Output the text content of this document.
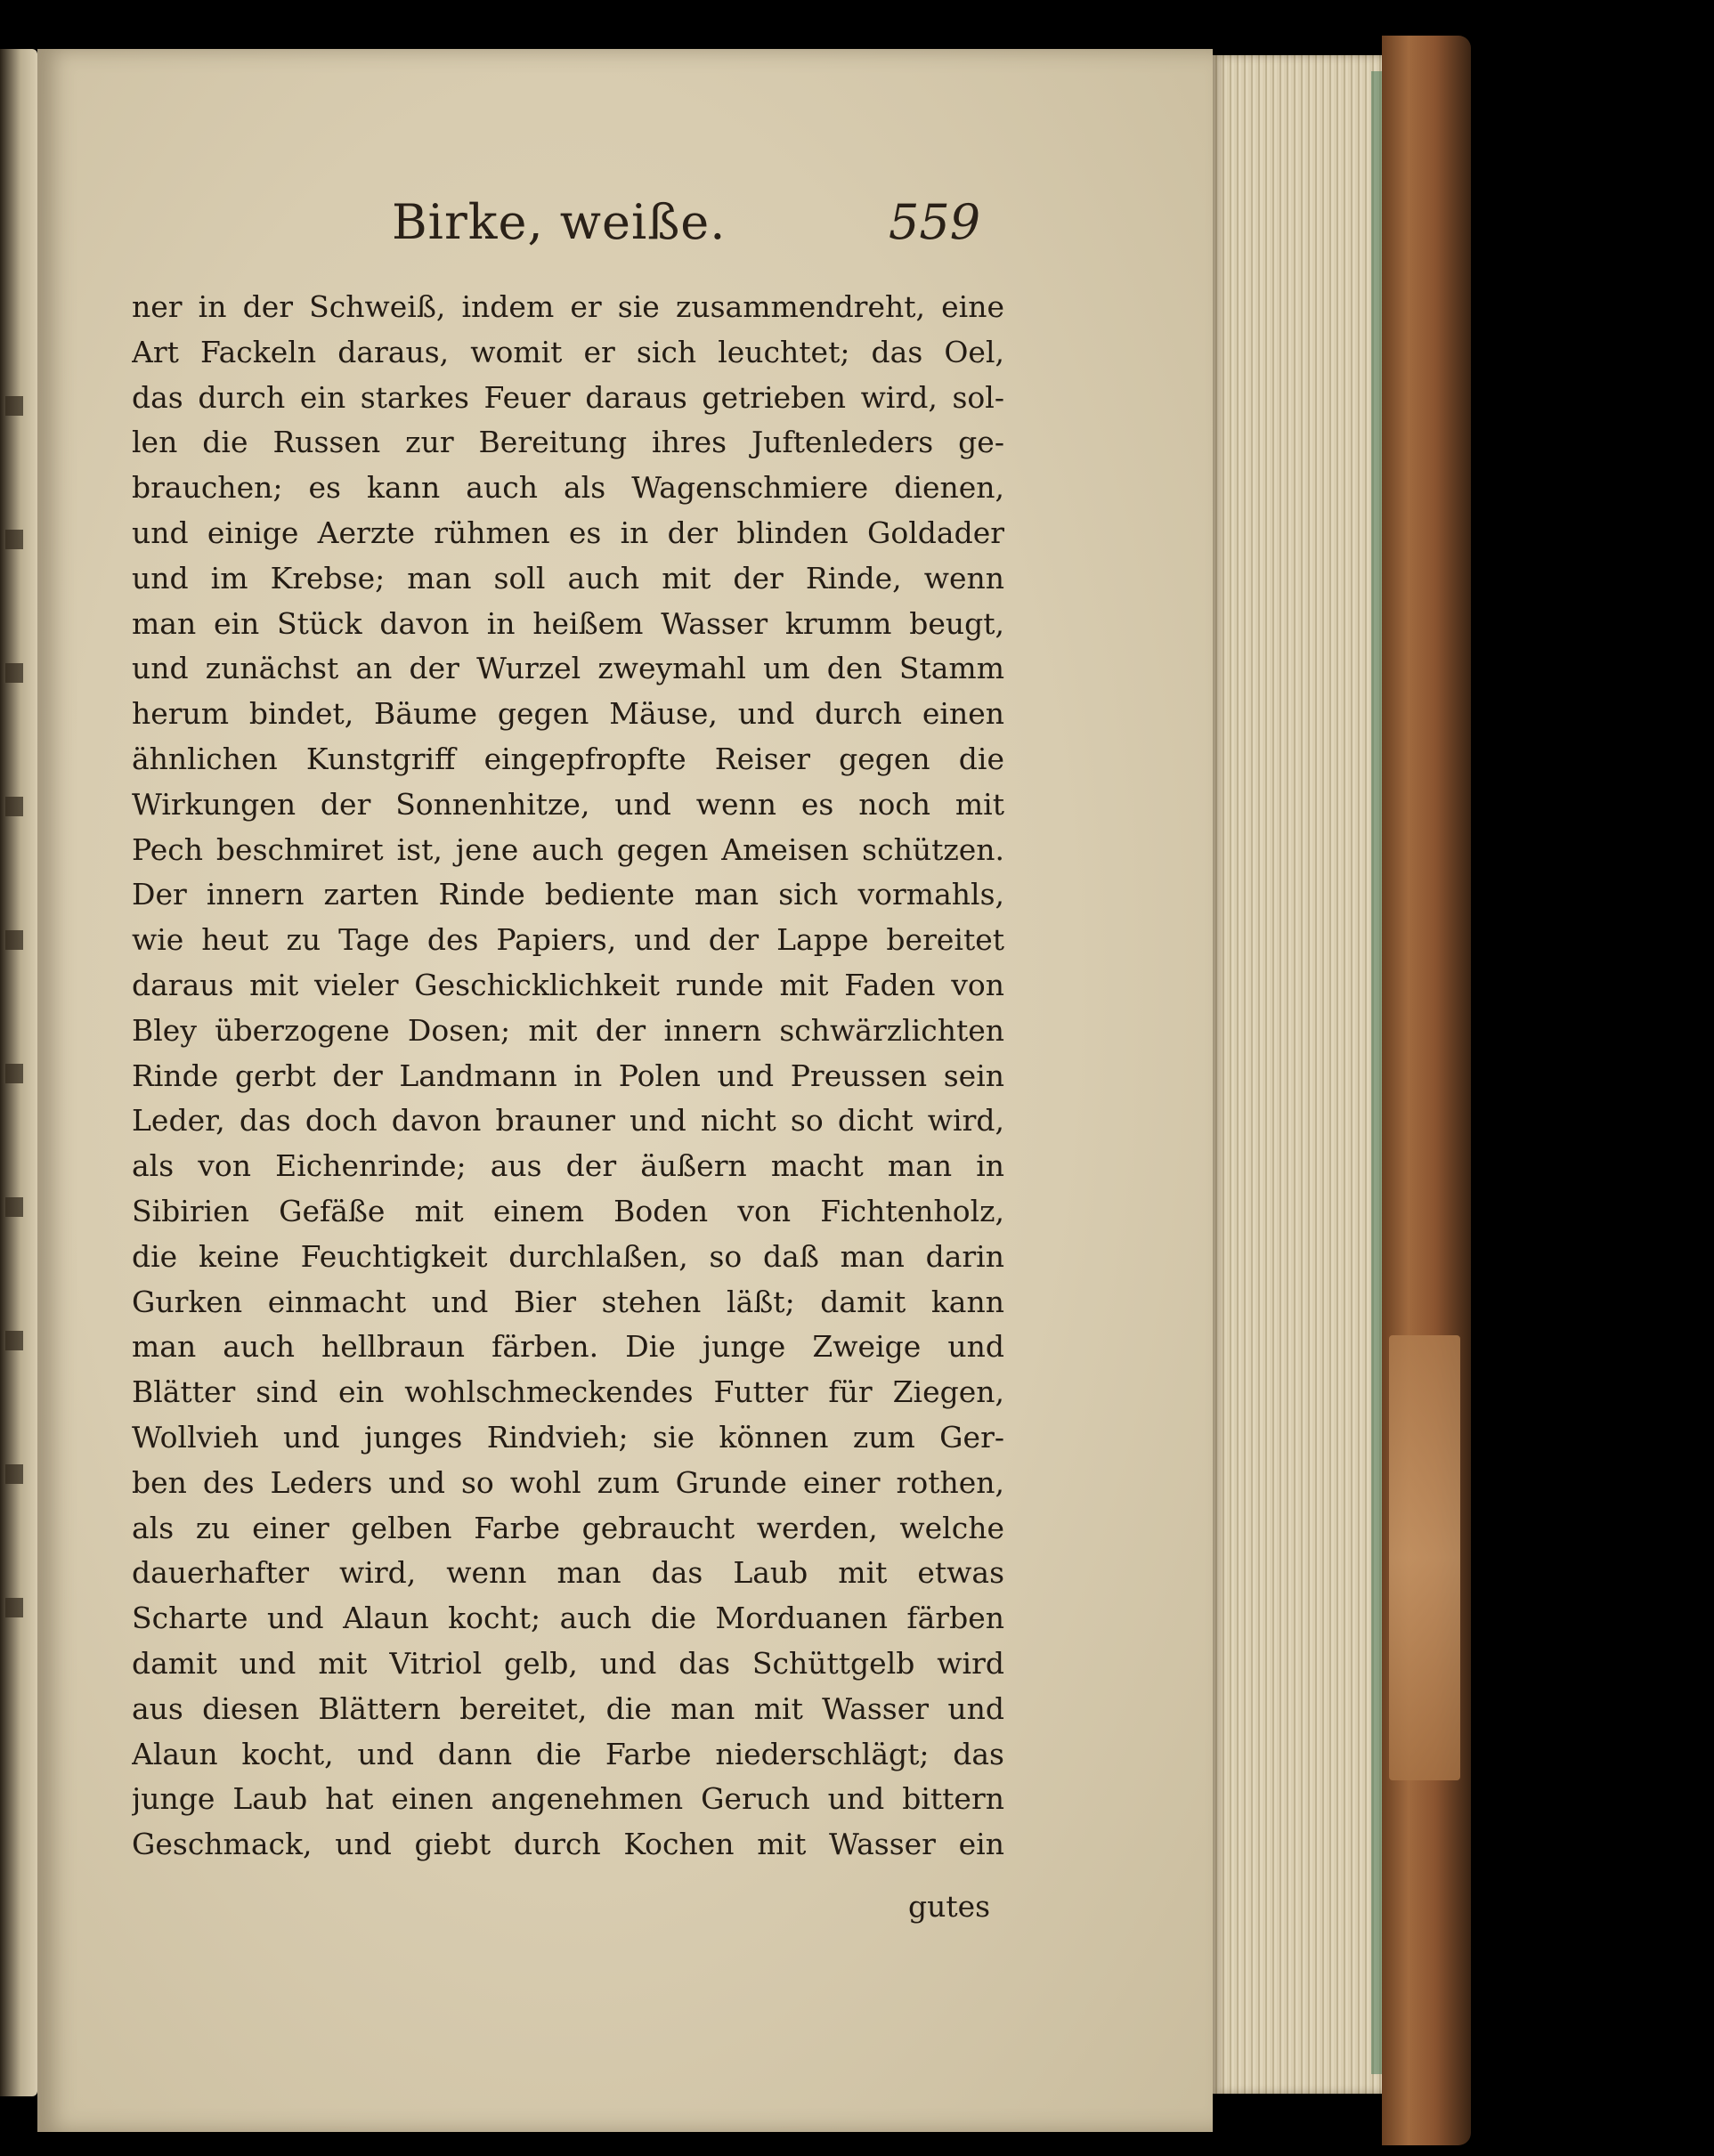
Birke, weiße.	559
ner in der Schweiß, indem er sie zusammendreht, eine
Art Fackeln daraus, womit er sich leuchtet; das Oel,
das durch ein starkes Feuer daraus getrieben wird, sol-
len die Russen zur Bereitung ihres Juftenleders ge-
brauchen; es kann auch als Wagenschmiere dienen,
und einige Aerzte rühmen es in der blinden Goldader
und im Krebse; man soll auch mit der Rinde, wenn
man ein Stück davon in heißem Wasser krumm beugt,
und zunächst an der Wurzel zweymahl um den Stamm
herum bindet, Bäume gegen Mäuse, und durch einen
ähnlichen Kunstgriff eingepfropfte Reiser gegen die
Wirkungen der Sonnenhitze, und wenn es noch mit
Pech beschmiret ist, jene auch gegen Ameisen schützen.
Der innern zarten Rinde bediente man sich vormahls,
wie heut zu Tage des Papiers, und der Lappe bereitet
daraus mit vieler Geschicklichkeit runde mit Faden von
Bley überzogene Dosen; mit der innern schwärzlichten
Rinde gerbt der Landmann in Polen und Preussen sein
Leder, das doch davon brauner und nicht so dicht wird,
als von Eichenrinde; aus der äußern macht man in
Sibirien Gefäße mit einem Boden von Fichtenholz,
die keine Feuchtigkeit durchlaßen, so daß man darin
Gurken einmacht und Bier stehen läßt; damit kann
man auch hellbraun färben. Die junge Zweige und
Blätter sind ein wohlschmeckendes Futter für Ziegen,
Wollvieh und junges Rindvieh; sie können zum Ger-
ben des Leders und so wohl zum Grunde einer rothen,
als zu einer gelben Farbe gebraucht werden, welche
dauerhafter wird, wenn man das Laub mit etwas
Scharte und Alaun kocht; auch die Morduanen färben
damit und mit Vitriol gelb, und das Schüttgelb wird
aus diesen Blättern bereitet, die man mit Wasser und
Alaun kocht, und dann die Farbe niederschlägt; das
junge Laub hat einen angenehmen Geruch und bittern
Geschmack, und giebt durch Kochen mit Wasser ein
gutes
